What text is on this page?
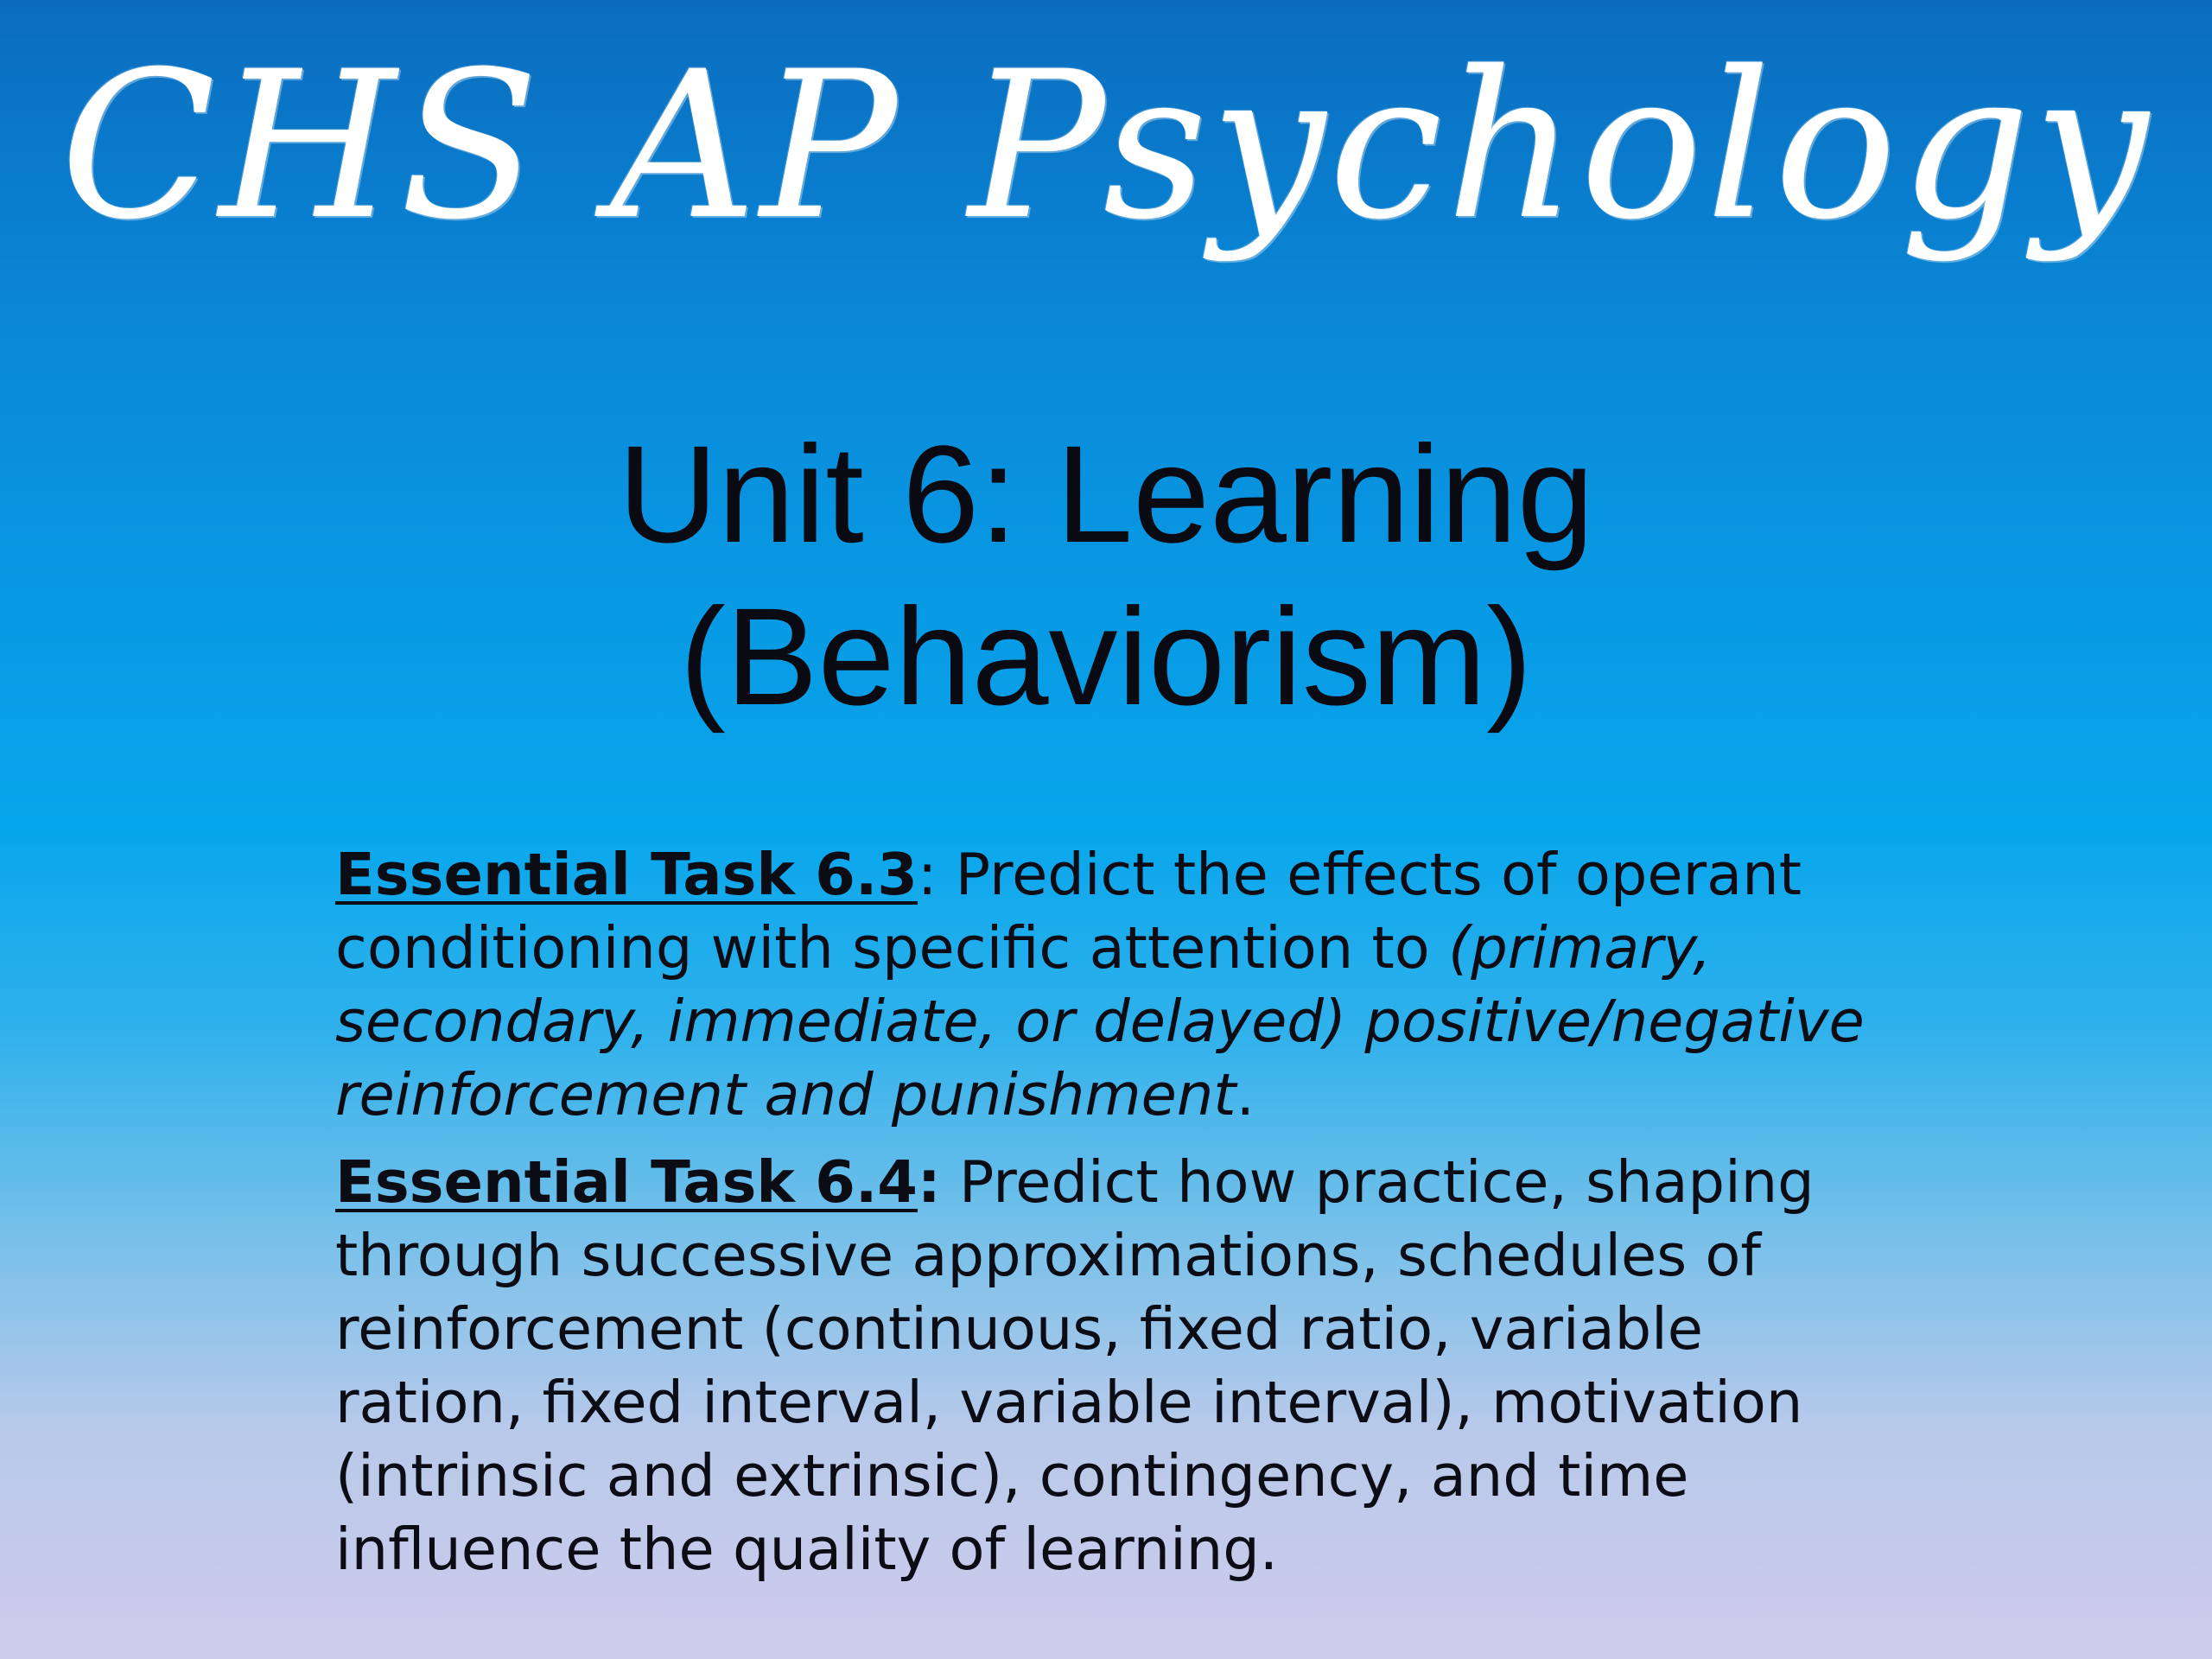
CHS AP Psychology
Unit 6: Learning
(Behaviorism)

Essential Task 6.3: Predict the effects of operant conditioning with specific attention to (primary, secondary, immediate, or delayed) positive/negative reinforcement and punishment.

Essential Task 6.4: Predict how practice, shaping through successive approximations, schedules of reinforcement (continuous, fixed ratio, variable ration, fixed interval, variable interval), motivation (intrinsic and extrinsic), contingency, and time influence the quality of learning.
